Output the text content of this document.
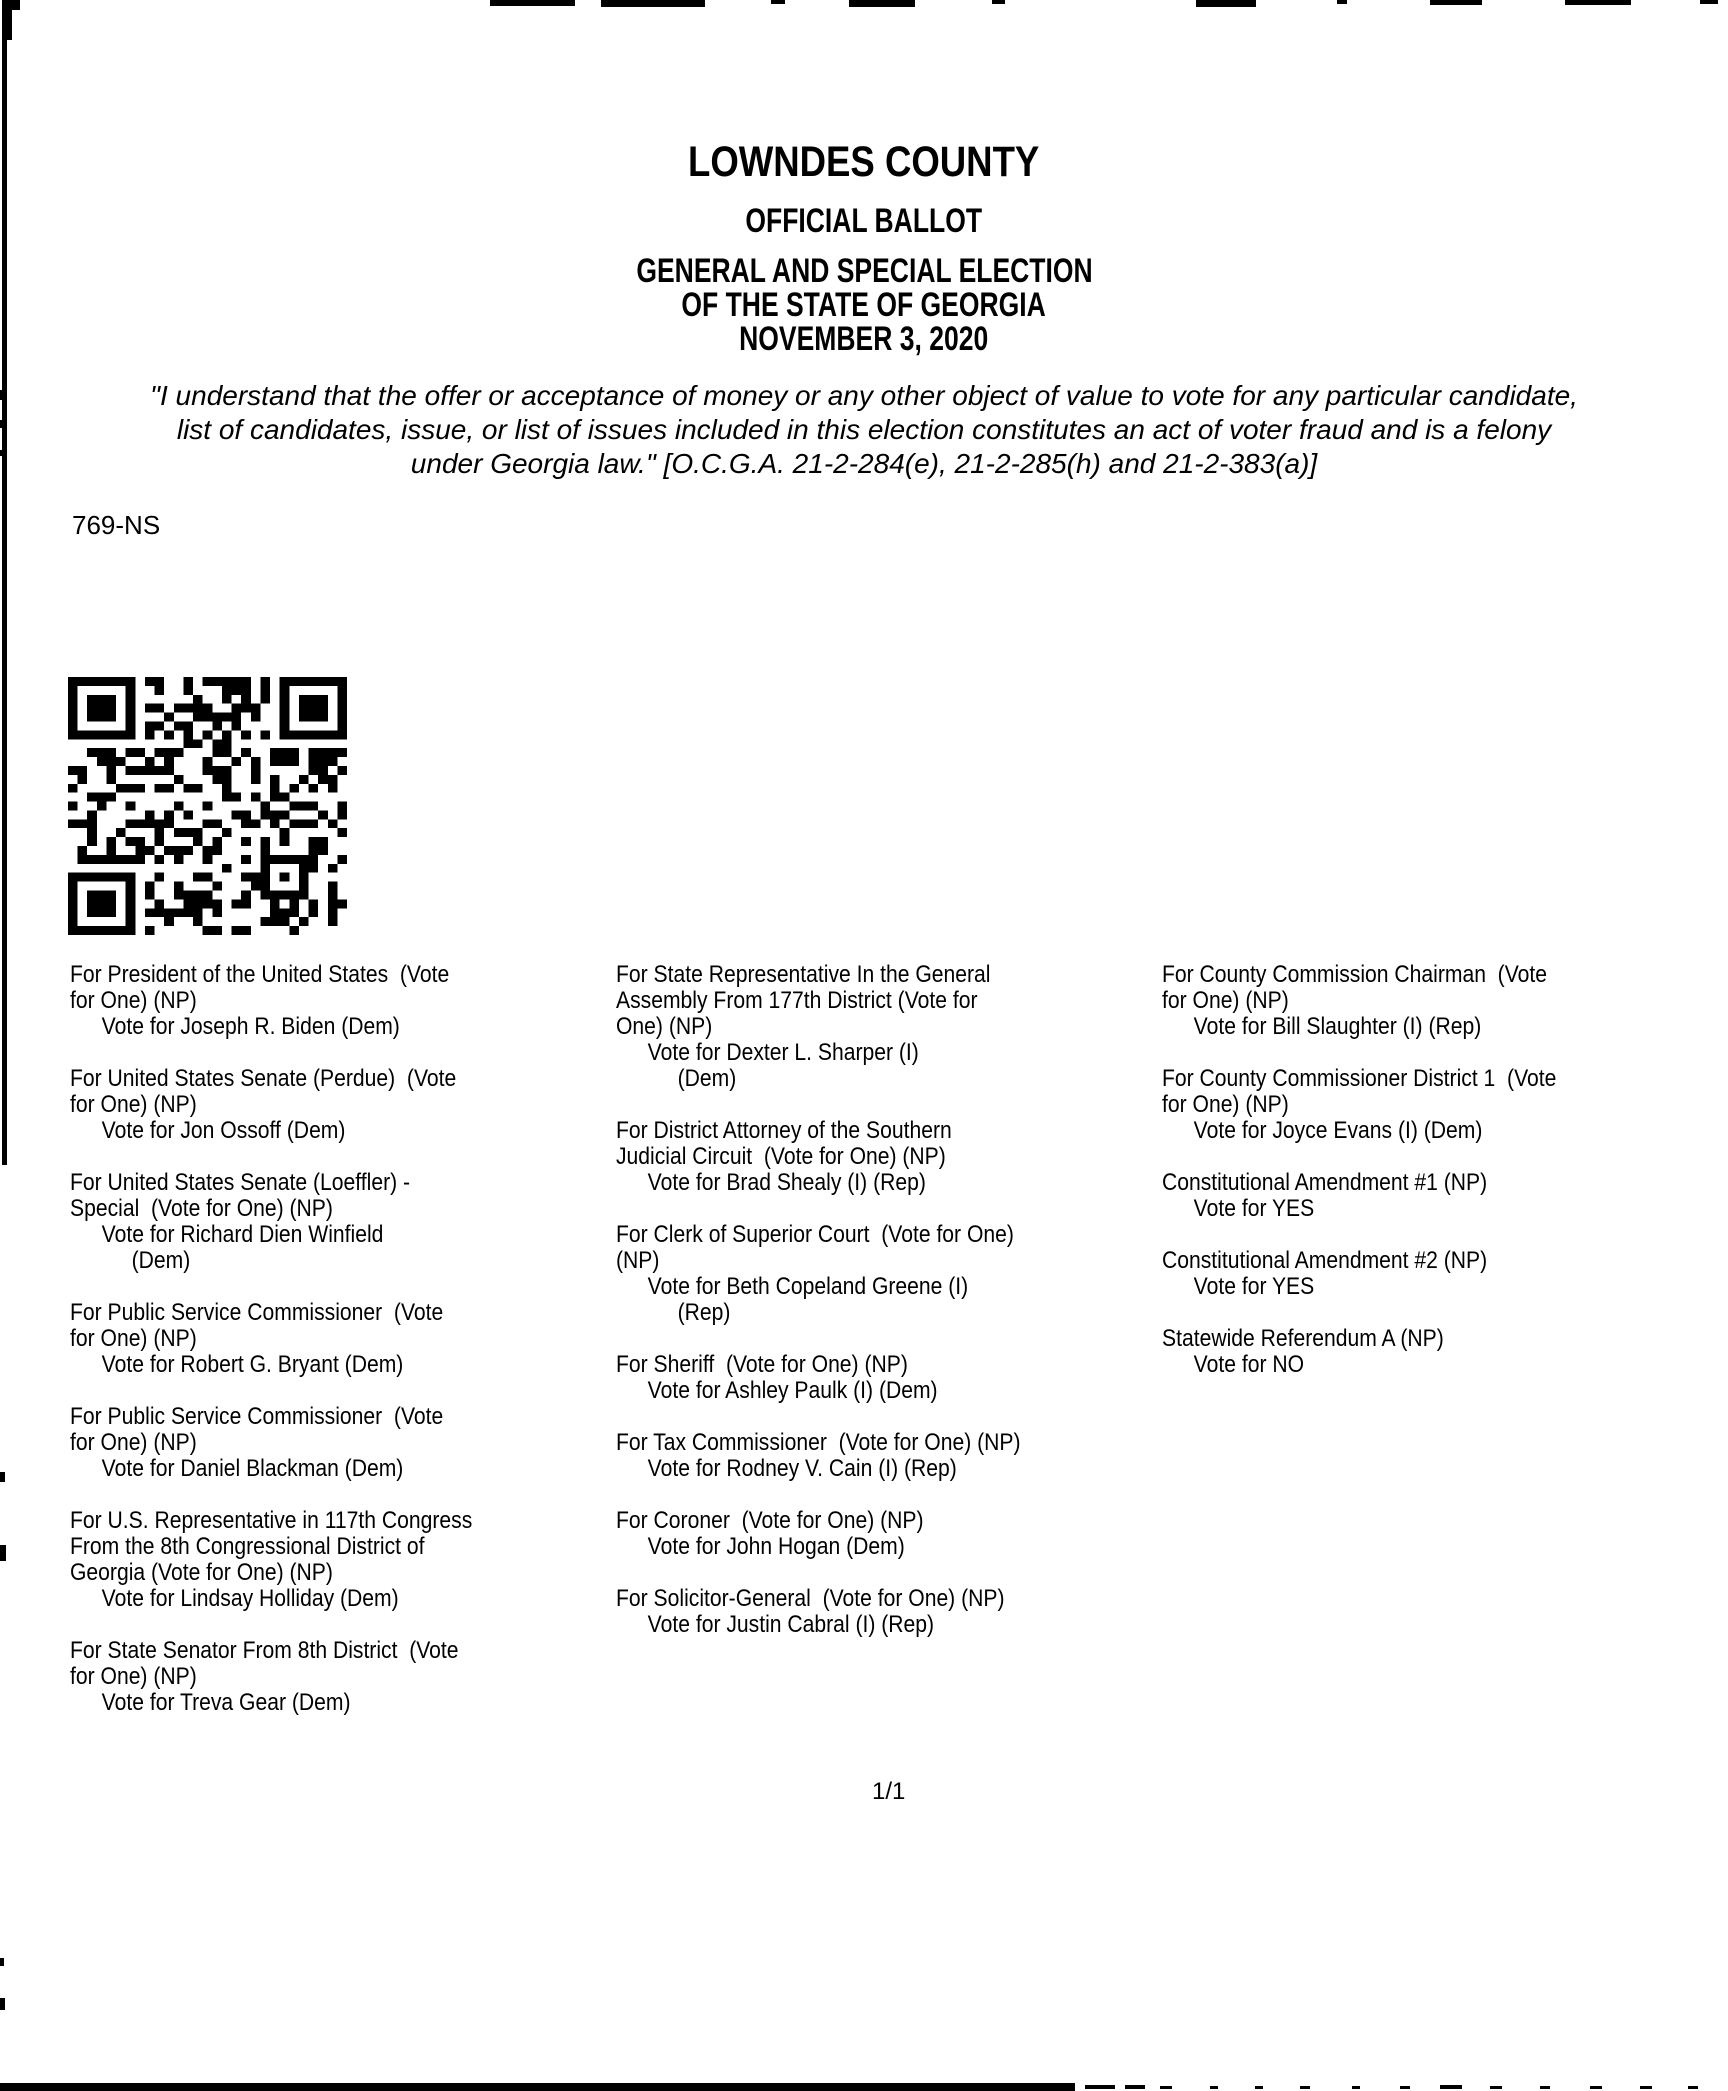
LOWNDES COUNTY
OFFICIAL BALLOT
GENERAL AND SPECIAL ELECTION
OF THE STATE OF GEORGIA
NOVEMBER 3, 2020
"I understand that the offer or acceptance of money or any other object of value to vote for any particular candidate,
list of candidates, issue, or list of issues included in this election constitutes an act of voter fraud and is a felony
under Georgia law." [O.C.G.A. 21-2-284(e), 21-2-285(h) and 21-2-383(a)]
769-NS
For President of the United States  (Vote
for One) (NP)
Vote for Joseph R. Biden (Dem)
For United States Senate (Perdue)  (Vote
for One) (NP)
Vote for Jon Ossoff (Dem)
For United States Senate (Loeffler) -
Special  (Vote for One) (NP)
Vote for Richard Dien Winfield
(Dem)
For Public Service Commissioner  (Vote
for One) (NP)
Vote for Robert G. Bryant (Dem)
For Public Service Commissioner  (Vote
for One) (NP)
Vote for Daniel Blackman (Dem)
For U.S. Representative in 117th Congress
From the 8th Congressional District of
Georgia (Vote for One) (NP)
Vote for Lindsay Holliday (Dem)
For State Senator From 8th District  (Vote
for One) (NP)
Vote for Treva Gear (Dem)
For State Representative In the General
Assembly From 177th District (Vote for
One) (NP)
Vote for Dexter L. Sharper (I)
(Dem)
For District Attorney of the Southern
Judicial Circuit  (Vote for One) (NP)
Vote for Brad Shealy (I) (Rep)
For Clerk of Superior Court  (Vote for One)
(NP)
Vote for Beth Copeland Greene (I)
(Rep)
For Sheriff  (Vote for One) (NP)
Vote for Ashley Paulk (I) (Dem)
For Tax Commissioner  (Vote for One) (NP)
Vote for Rodney V. Cain (I) (Rep)
For Coroner  (Vote for One) (NP)
Vote for John Hogan (Dem)
For Solicitor-General  (Vote for One) (NP)
Vote for Justin Cabral (I) (Rep)
For County Commission Chairman  (Vote
for One) (NP)
Vote for Bill Slaughter (I) (Rep)
For County Commissioner District 1  (Vote
for One) (NP)
Vote for Joyce Evans (I) (Dem)
Constitutional Amendment #1 (NP)
Vote for YES
Constitutional Amendment #2 (NP)
Vote for YES
Statewide Referendum A (NP)
Vote for NO
1/1
